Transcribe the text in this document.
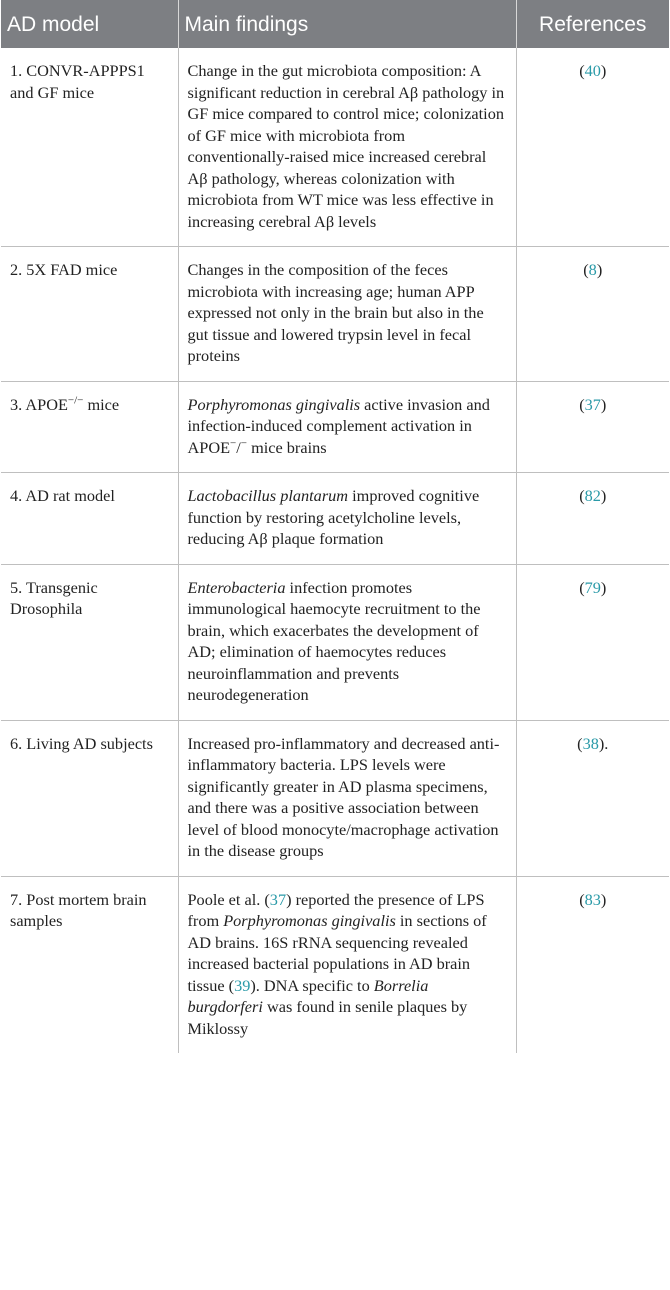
AD model	Main findings	References
1. CONVR-APPPS1 and GF mice	Change in the gut microbiota composition: A significant reduction in cerebral Aβ pathology in GF mice compared to control mice; colonization of GF mice with microbiota from conventionally-raised mice increased cerebral Aβ pathology, whereas colonization with microbiota from WT mice was less effective in increasing cerebral Aβ levels	(40)
2. 5X FAD mice	Changes in the composition of the feces microbiota with increasing age; human APP expressed not only in the brain but also in the gut tissue and lowered trypsin level in fecal proteins	(8)
3. APOE−/− mice	Porphyromonas gingivalis active invasion and infection-induced complement activation in APOE−/− mice brains	(37)
4. AD rat model	Lactobacillus plantarum improved cognitive function by restoring acetylcholine levels, reducing Aβ plaque formation	(82)
5. Transgenic Drosophila	Enterobacteria infection promotes immunological haemocyte recruitment to the brain, which exacerbates the development of AD; elimination of haemocytes reduces neuroinflammation and prevents neurodegeneration	(79)
6. Living AD subjects	Increased pro-inflammatory and decreased anti-inflammatory bacteria. LPS levels were significantly greater in AD plasma specimens, and there was a positive association between level of blood monocyte/macrophage activation in the disease groups	(38).
7. Post mortem brain samples	Poole et al. (37) reported the presence of LPS from Porphyromonas gingivalis in sections of AD brains. 16S rRNA sequencing revealed increased bacterial populations in AD brain tissue (39). DNA specific to Borrelia burgdorferi was found in senile plaques by Miklossy	(83)
